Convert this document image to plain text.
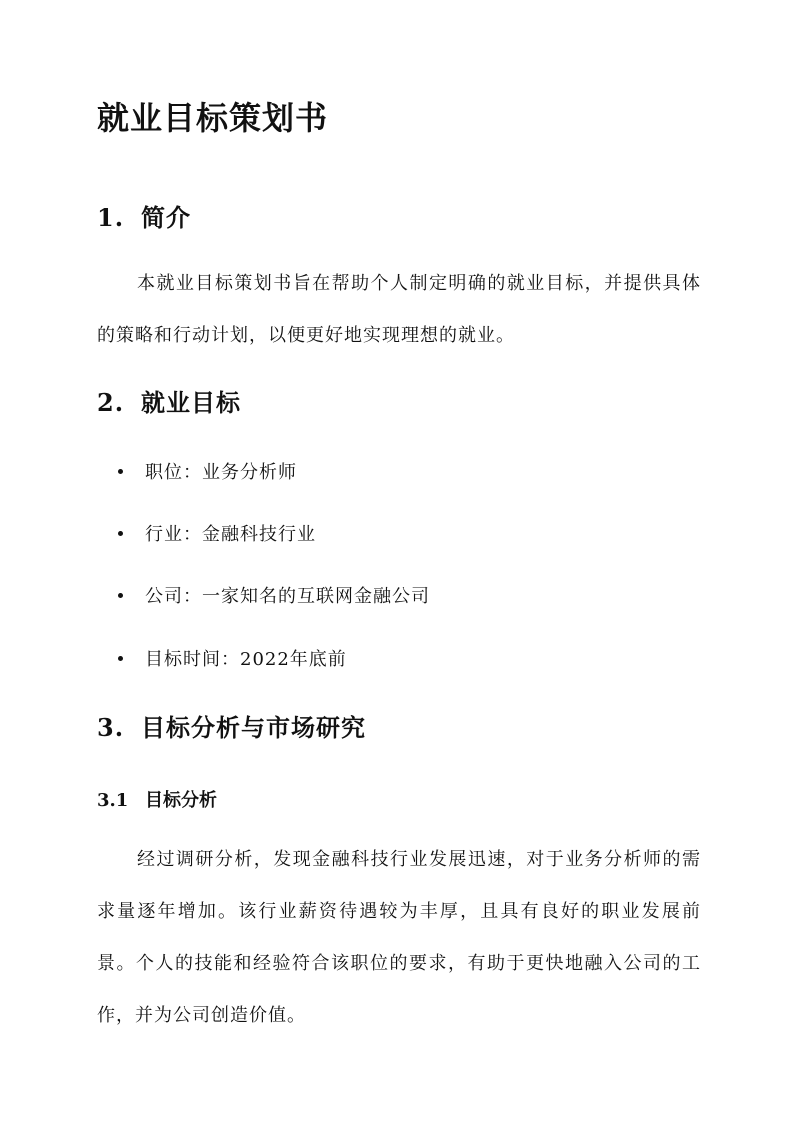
就业目标策划书
1. 简介

本就业目标策划书旨在帮助个人制定明确的就业目标，并提供具体的策略和行动计划，以便更好地实现理想的就业。

2. 就业目标
职位：业务分析师
行业：金融科技行业
公司：一家知名的互联网金融公司
目标时间：2022年底前
3. 目标分析与市场研究
3.1 目标分析

经过调研分析，发现金融科技行业发展迅速，对于业务分析师的需求量逐年增加。该行业薪资待遇较为丰厚，且具有良好的职业发展前景。个人的技能和经验符合该职位的要求，有助于更快地融入公司的工作，并为公司创造价值。
